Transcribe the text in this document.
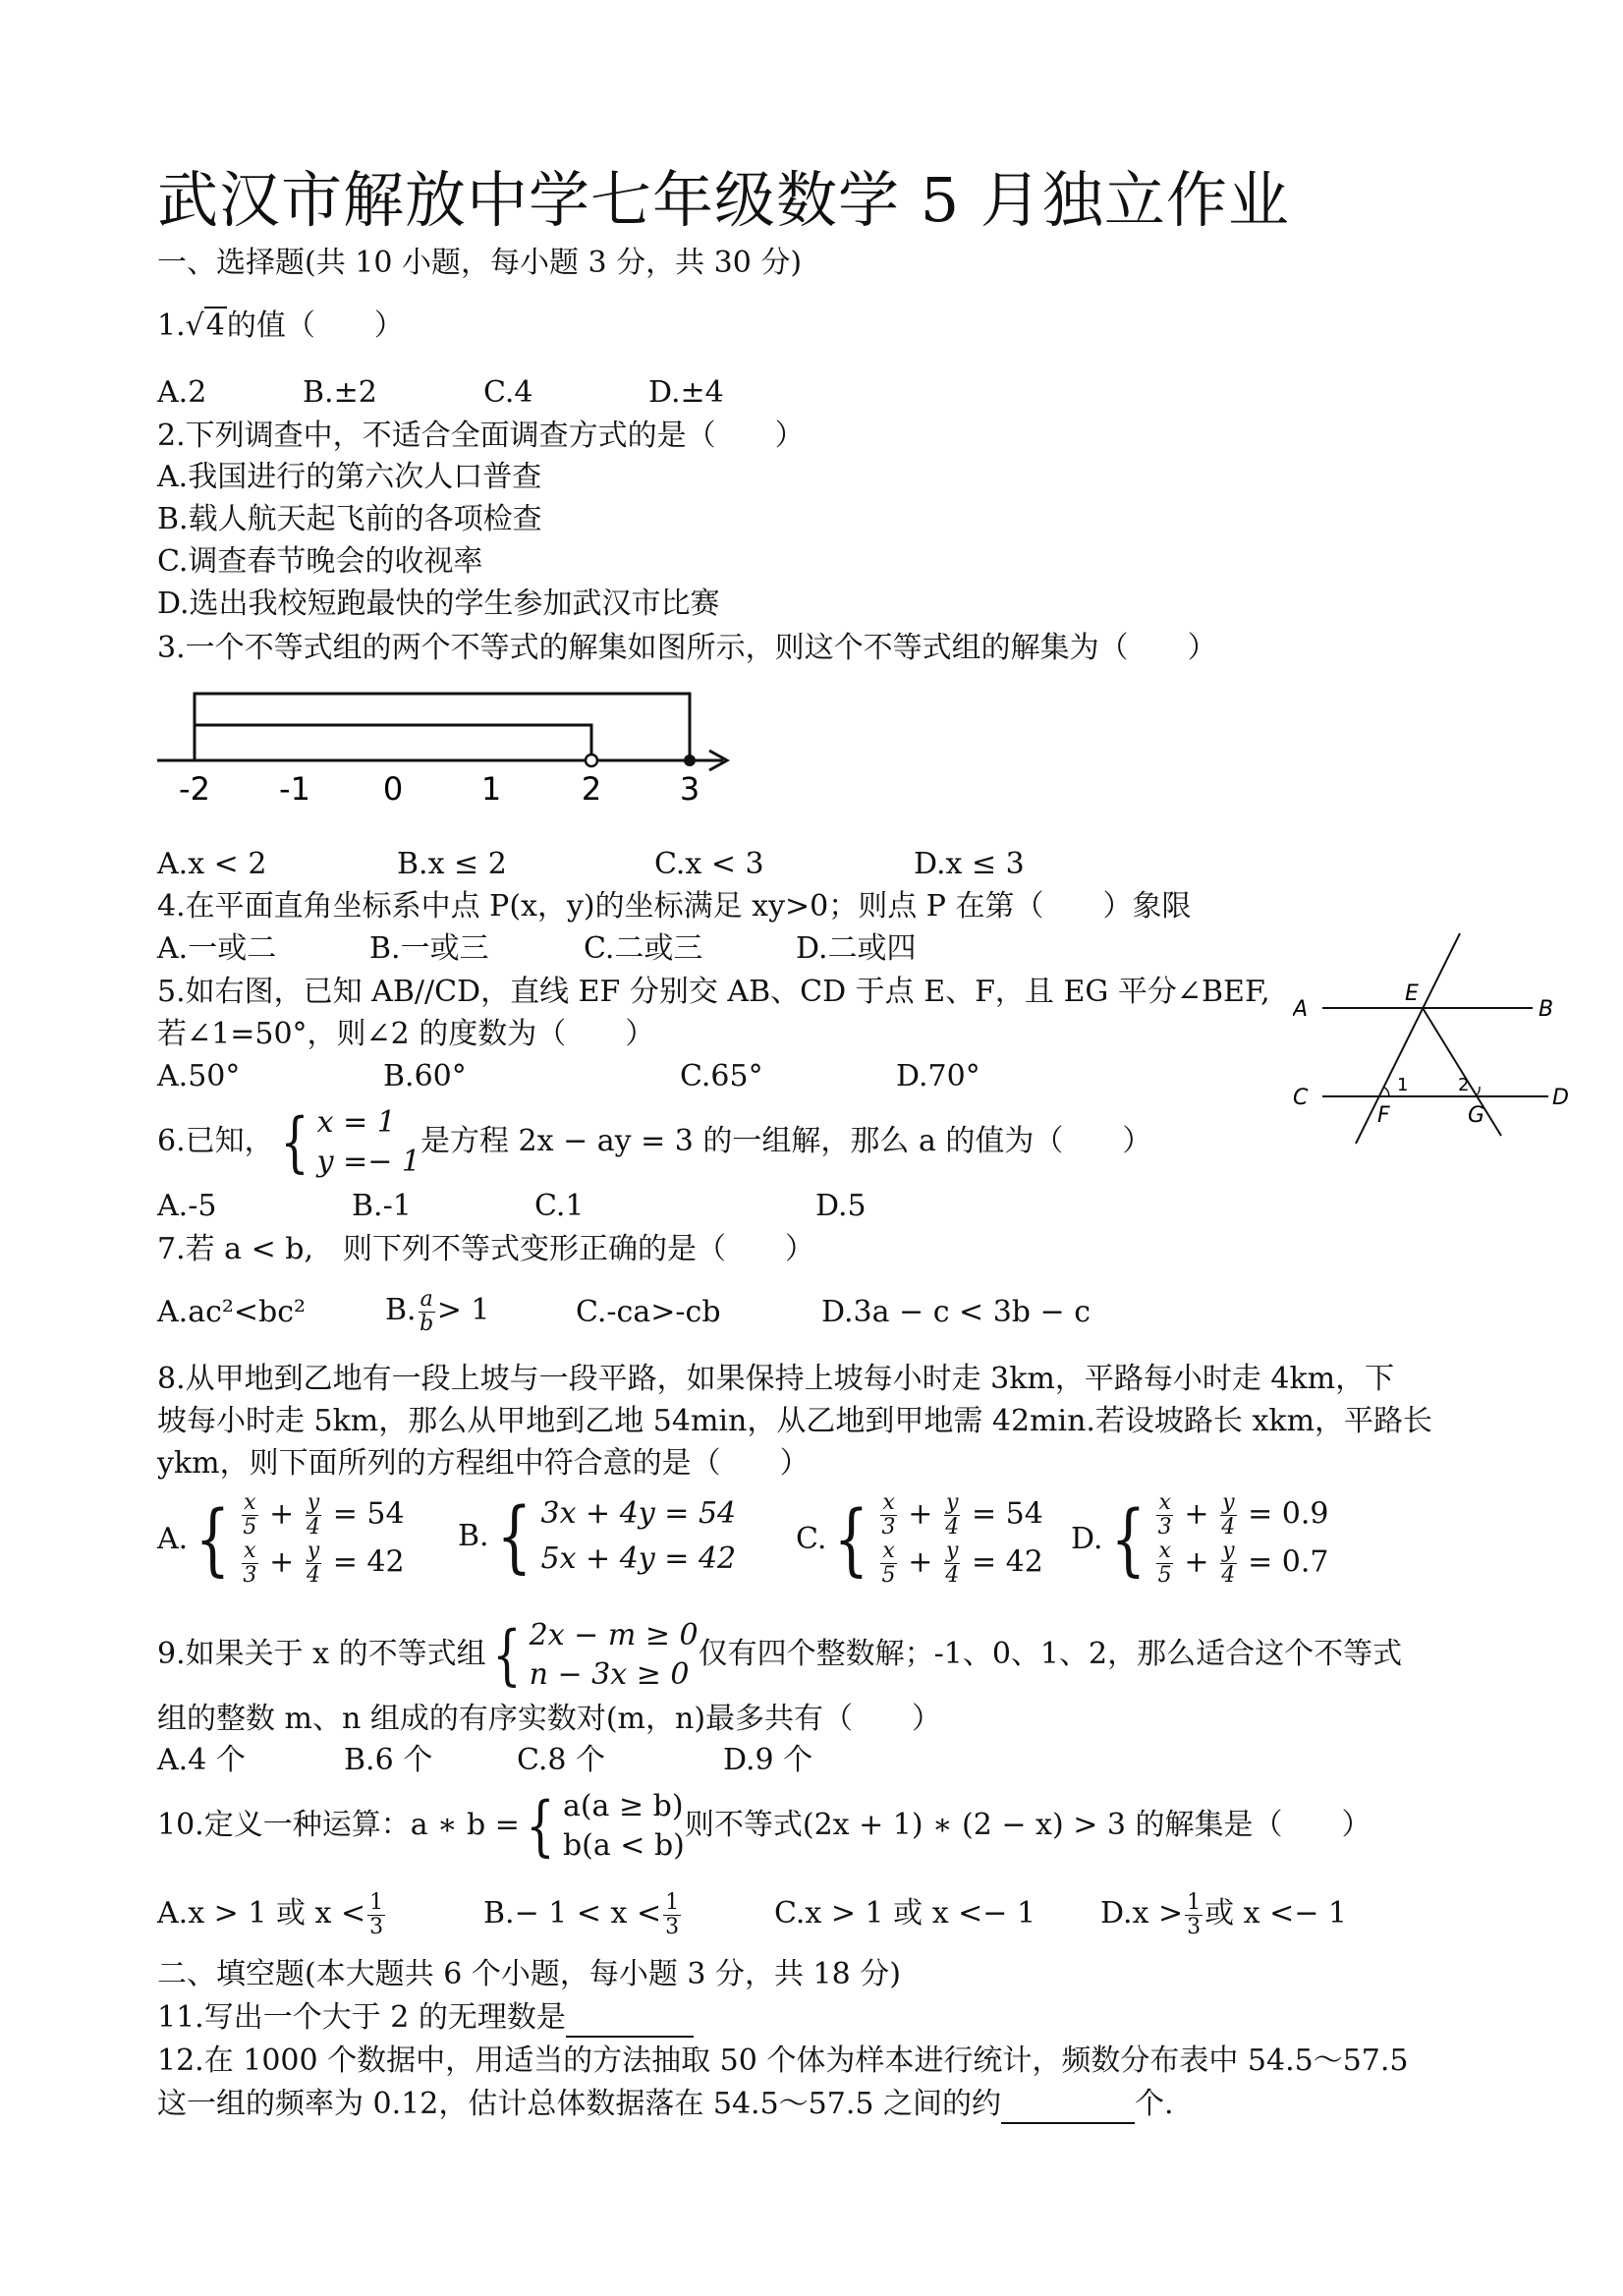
武汉市解放中学七年级数学 5 月独立作业
一、选择题(共 10 小题，每小题 3 分，共 30 分)
1.√4的值（　　）
A.2	B.±2	C.4	D.±4
2.下列调查中，不适合全面调查方式的是（　　）
A.我国进行的第六次人口普查
B.载人航天起飞前的各项检查
C.调查春节晚会的收视率
D.选出我校短跑最快的学生参加武汉市比赛
3.一个不等式组的两个不等式的解集如图所示，则这个不等式组的解集为（　　）
-2 -1 0 1	2 3
A.x < 2	B.x ≤ 2	C.x < 3	D.x ≤ 3
4.在平面直角坐标系中点 P(x，y)的坐标满足 xy>0；则点 P 在第（　　）象限
A.一或二	B.一或三	C.二或三	D.二或四
5.如右图，已知 AB//CD，直线 EF 分别交 AB、CD 于点 E、F，且 EG 平分∠BEF,
若∠1=50°，则∠2 的度数为（　　）
A.50°	B.60°	C.65°	D.70°
A	B
C	D
E
F	G
1	2
6.已知， { x = 1
y =− 1
是方程 2x − ay = 3 的一组解，那么 a 的值为（　　）
A.-5	B.-1	C.1	D.5
7.若 a < b,　则下列不等式变形正确的是（　　）
A.ac²<bc²	B. $\frac{a}{b} > 1$	C.-ca>-cb	D.3a − c < 3b − c
8.从甲地到乙地有一段上坡与一段平路，如果保持上坡每小时走 3km，平路每小时走 4km，下
坡每小时走 5km，那么从甲地到乙地 54min，从乙地到甲地需 42min.若设坡路长 xkm，平路长
ykm，则下面所列的方程组中符合意的是（　　）
A. { $\frac{x}{5} + \frac{y}{4} = 54$
$\frac{x}{3} + \frac{y}{4} = 42$
B. { 3x + 4y = 54
5x + 4y = 42
C. { $\frac{x}{3} + \frac{y}{4} = 54$
$\frac{x}{5} + \frac{y}{4} = 42$
D. { $\frac{x}{3} + \frac{y}{4} = 0.9$
$\frac{x}{5} + \frac{y}{4} = 0.7$
9.如果关于 x 的不等式组 { 2x − m ≥ 0
n − 3x ≥ 0
仅有四个整数解；-1、0、1、2，那么适合这个不等式
组的整数 m、n 组成的有序实数对(m，n)最多共有（　　）
A.4 个	B.6 个	C.8 个	D.9 个
10.定义一种运算：a ∗ b = { a(a ≥ b)
b(a < b)
则不等式(2x + 1) ∗ (2 − x) > 3 的解集是（　　）
A.x > 1 或 $x < \frac{1}{3}$	$B.- 1 < x < \frac{1}{3}$	C.x > 1 或 x <− 1 $D.x > \frac{1}{3}$ 或 x <− 1
二、填空题(本大题共 6 个小题，每小题 3 分，共 18 分)
11.写出一个大于 2 的无理数是
12.在 1000 个数据中，用适当的方法抽取 50 个体为样本进行统计，频数分布表中 54.5～57.5
这一组的频率为 0.12，估计总体数据落在 54.5～57.5 之间的约	个.
